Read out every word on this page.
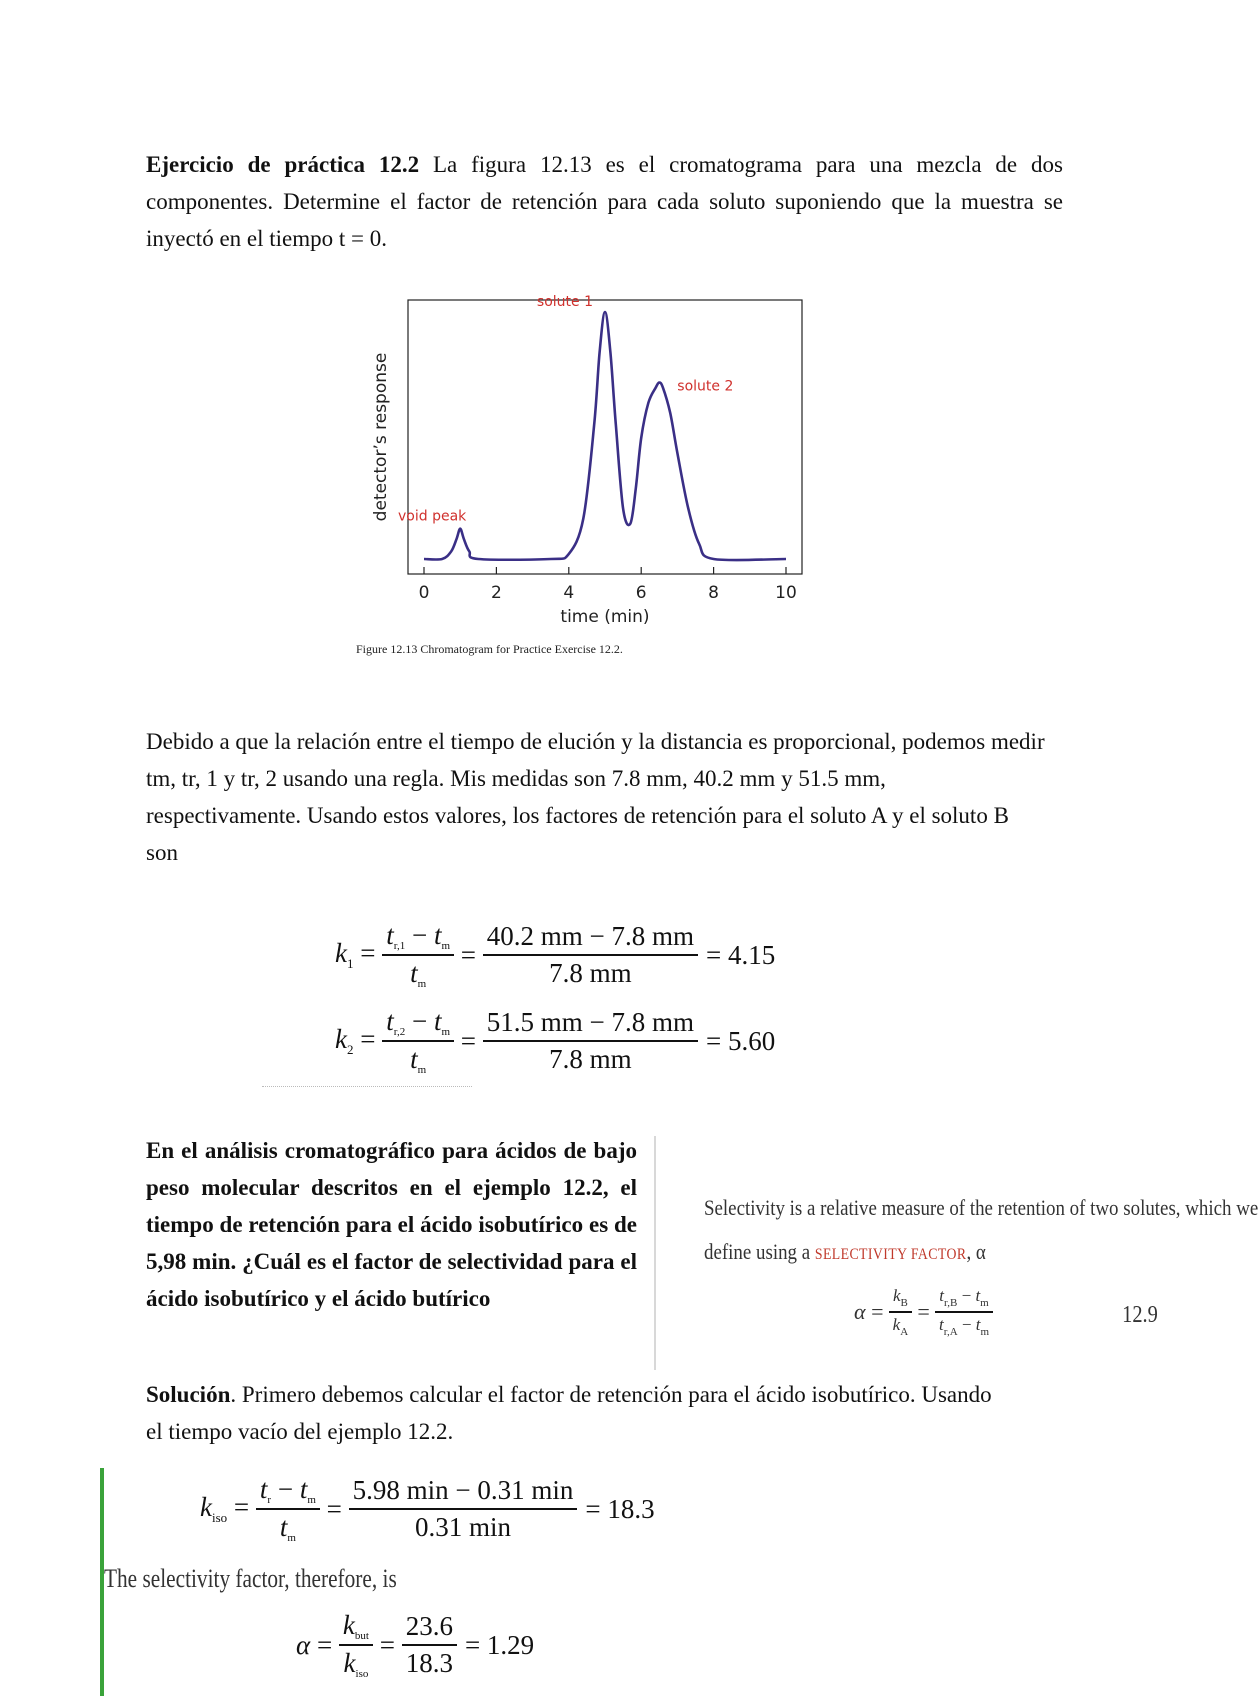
Ejercicio de práctica 12.2 La figura 12.13 es el cromatograma para una mezcla de dos componentes. Determine el factor de retención para cada soluto suponiendo que la muestra se inyectó en el tiempo t = 0.

0	2	4	6	8	10
time (min)
detector’s response
solute 1
solute 2
void peak
Figure 12.13 Chromatogram for Practice Exercise 12.2.

Debido a que la relación entre el tiempo de elución y la distancia es proporcional, podemos medir tm, tr, 1 y tr, 2 usando una regla. Mis medidas son 7.8 mm, 40.2 mm y 51.5 mm, respectivamente. Usando estos valores, los factores de retención para el soluto A y el soluto B son

$k_1 = \frac{tr,1 - tm}{tm} = \frac{40.2 mm - 7.8 mm}{7.8 mm} = 4.15$
$k_2 = \frac{tr,2 - tm}{tm} = \frac{51.5 mm - 7.8 mm}{7.8 mm} = 5.60$

En el análisis cromatográfico para ácidos de bajo peso molecular descritos en el ejemplo 12.2, el tiempo de retención para el ácido isobutírico es de 5,98 min. ¿Cuál es el factor de selectividad para el ácido isobutírico y el ácido butírico

Selectivity is a relative measure of the retention of two solutes, which we
define using a SELECTIVITY FACTOR, α
$\alpha = \frac{k_B}{k_A} = \frac{t_{r,B} - t_m}{t_{r,A} - t_m}$	12.9

Solución. Primero debemos calcular el factor de retención para el ácido isobutírico. Usando el tiempo vacío del ejemplo 12.2.

$k_{iso} = \frac{tr - tm}{tm} = \frac{5.98 \min - 0.31 \min}{0.31 \min} = 18.3$
The selectivity factor, therefore, is
$\alpha = \frac{\text{kbut}}{\text{kiso}} = \frac{23.6}{18.3} = 1.29$
